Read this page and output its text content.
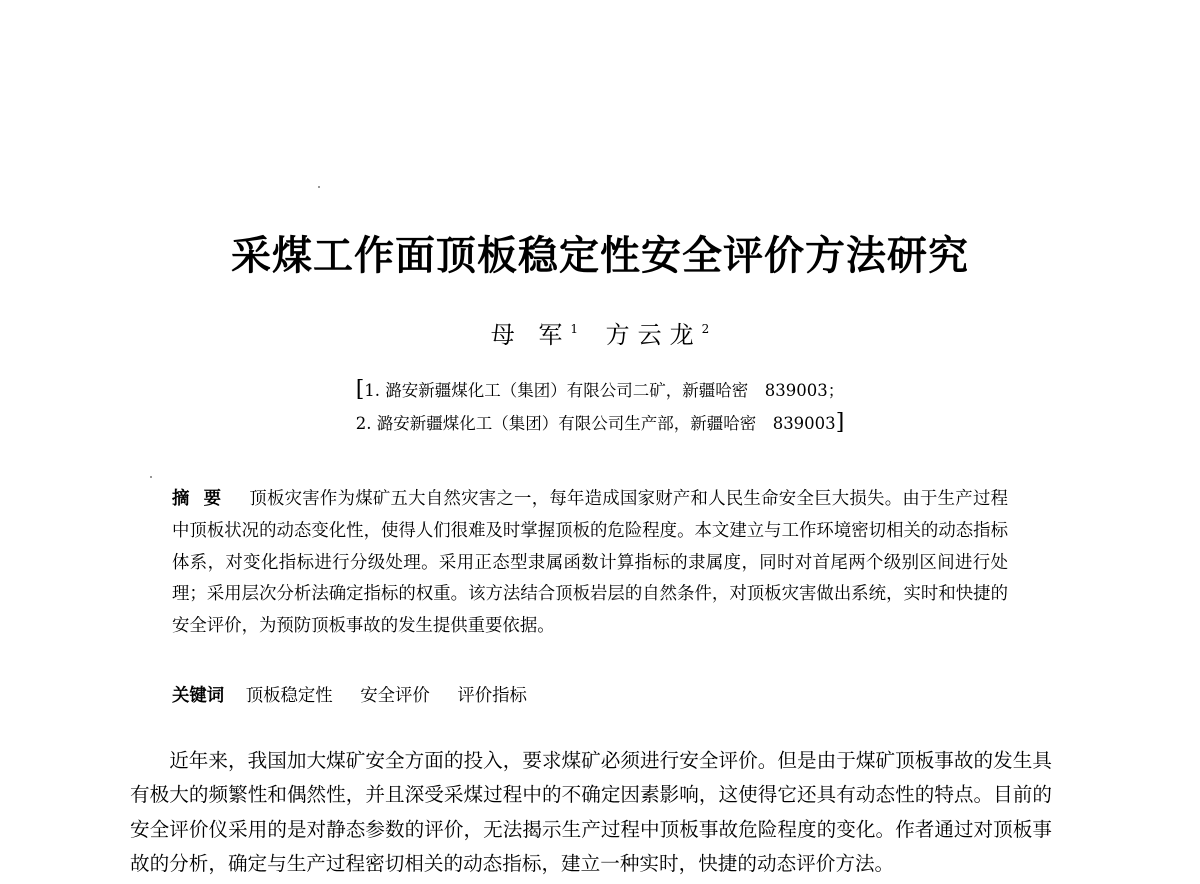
采煤工作面顶板稳定性安全评价方法研究
母 军$^1$ 方云龙$^2$
[1. 潞安新疆煤化工（集团）有限公司二矿，新疆哈密　839003；
2. 潞安新疆煤化工（集团）有限公司生产部，新疆哈密　839003]
摘要 顶板灾害作为煤矿五大自然灾害之一，每年造成国家财产和人民生命安全巨大损失。由于生产过程中顶板状况的动态变化性，使得人们很难及时掌握顶板的危险程度。本文建立与工作环境密切相关的动态指标体系，对变化指标进行分级处理。采用正态型隶属函数计算指标的隶属度，同时对首尾两个级别区间进行处理；采用层次分析法确定指标的权重。该方法结合顶板岩层的自然条件，对顶板灾害做出系统，实时和快捷的安全评价，为预防顶板事故的发生提供重要依据。
关键词 顶板稳定性 安全评价 评价指标
近年来，我国加大煤矿安全方面的投入，要求煤矿必须进行安全评价。但是由于煤矿顶板事故的发生具有极大的频繁性和偶然性，并且深受采煤过程中的不确定因素影响，这使得它还具有动态性的特点。目前的安全评价仪采用的是对静态参数的评价，无法揭示生产过程中顶板事故危险程度的变化。作者通过对顶板事故的分析，确定与生产过程密切相关的动态指标，建立一种实时，快捷的动态评价方法。
